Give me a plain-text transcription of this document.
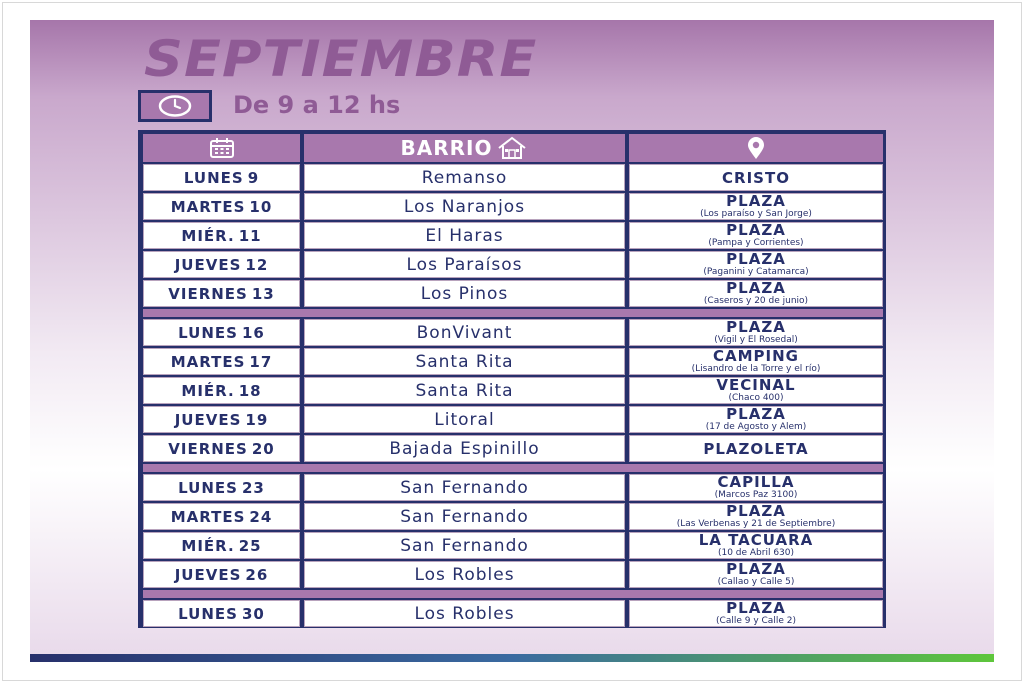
SEPTIEMBRE
De 9 a 12 hs
BARRIO
LUNES 9	Remanso	CRISTO
MARTES 10	Los Naranjos	PLAZA
(Los paraíso y San Jorge)
MIÉR. 11	El Haras	PLAZA
(Pampa y Corrientes)
JUEVES 12	Los Paraísos	PLAZA
(Paganini y Catamarca)
VIERNES 13	Los Pinos	PLAZA
(Caseros y 20 de junio)
LUNES 16	BonVivant	PLAZA
(Vigil y El Rosedal)
MARTES 17	Santa Rita	CAMPING
(Lisandro de la Torre y el río)
MIÉR. 18	Santa Rita	VECINAL
(Chaco 400)
JUEVES 19	Litoral	PLAZA
(17 de Agosto y Alem)
VIERNES 20	Bajada Espinillo	PLAZOLETA
LUNES 23	San Fernando	CAPILLA
(Marcos Paz 3100)
MARTES 24	San Fernando	PLAZA
(Las Verbenas y 21 de Septiembre)
MIÉR. 25	San Fernando	LA TACUARA
(10 de Abril 630)
JUEVES 26	Los Robles	PLAZA
(Callao y Calle 5)
LUNES 30	Los Robles	PLAZA
(Calle 9 y Calle 2)
